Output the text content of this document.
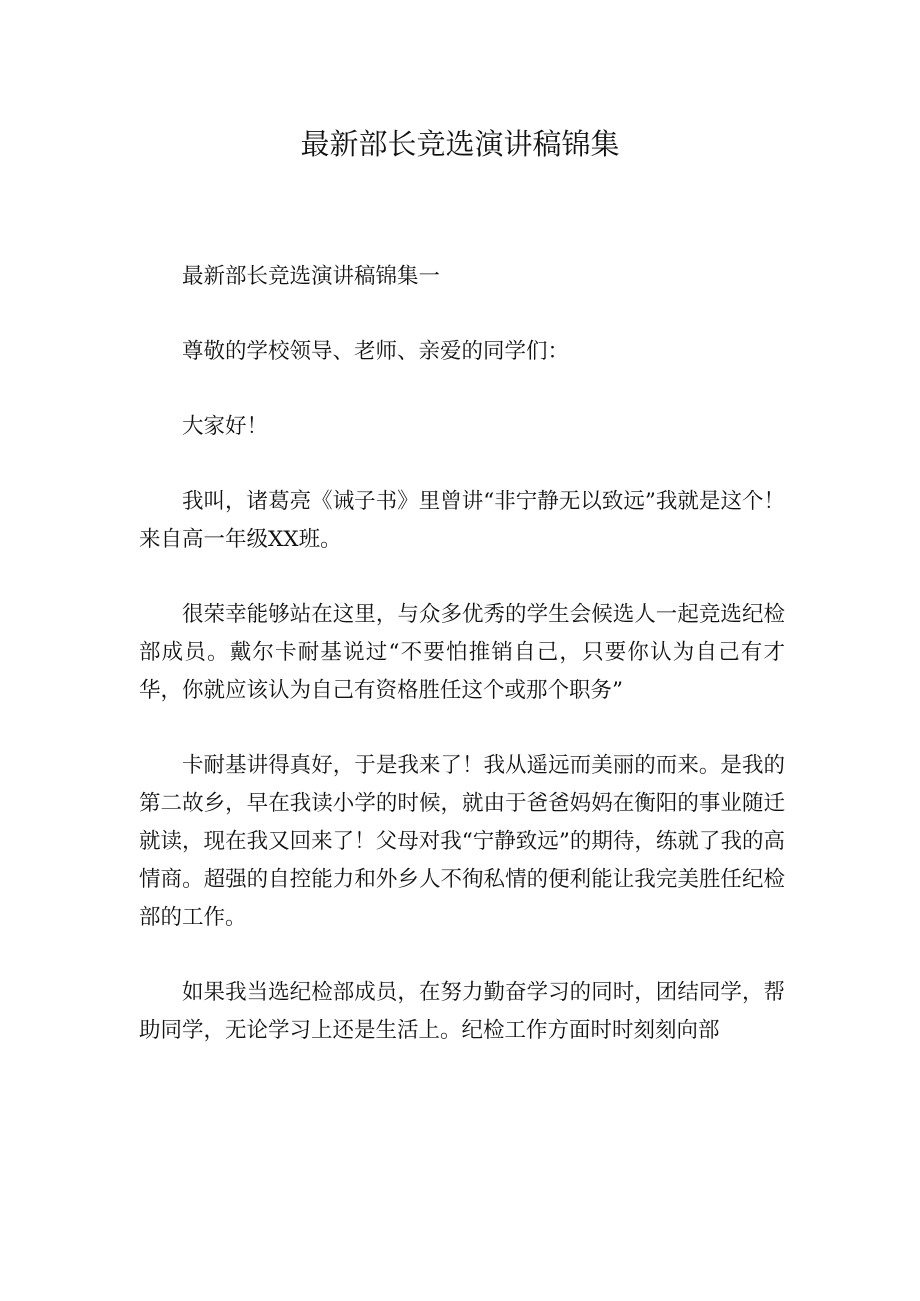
最新部长竞选演讲稿锦集

最新部长竞选演讲稿锦集一

尊敬的学校领导、老师、亲爱的同学们：

大家好！

我叫，诸葛亮《诫子书》里曾讲“非宁静无以致远”我就是这个！来自高一年级XX班。

很荣幸能够站在这里，与众多优秀的学生会候选人一起竞选纪检部成员。戴尔卡耐基说过“不要怕推销自己，只要你认为自己有才华，你就应该认为自己有资格胜任这个或那个职务”

卡耐基讲得真好，于是我来了！我从遥远而美丽的而来。是我的第二故乡，早在我读小学的时候，就由于爸爸妈妈在衡阳的事业随迁就读，现在我又回来了！父母对我“宁静致远”的期待，练就了我的高情商。超强的自控能力和外乡人不徇私情的便利能让我完美胜任纪检部的工作。

如果我当选纪检部成员，在努力勤奋学习的同时，团结同学，帮助同学，无论学习上还是生活上。纪检工作方面时时刻刻向部
